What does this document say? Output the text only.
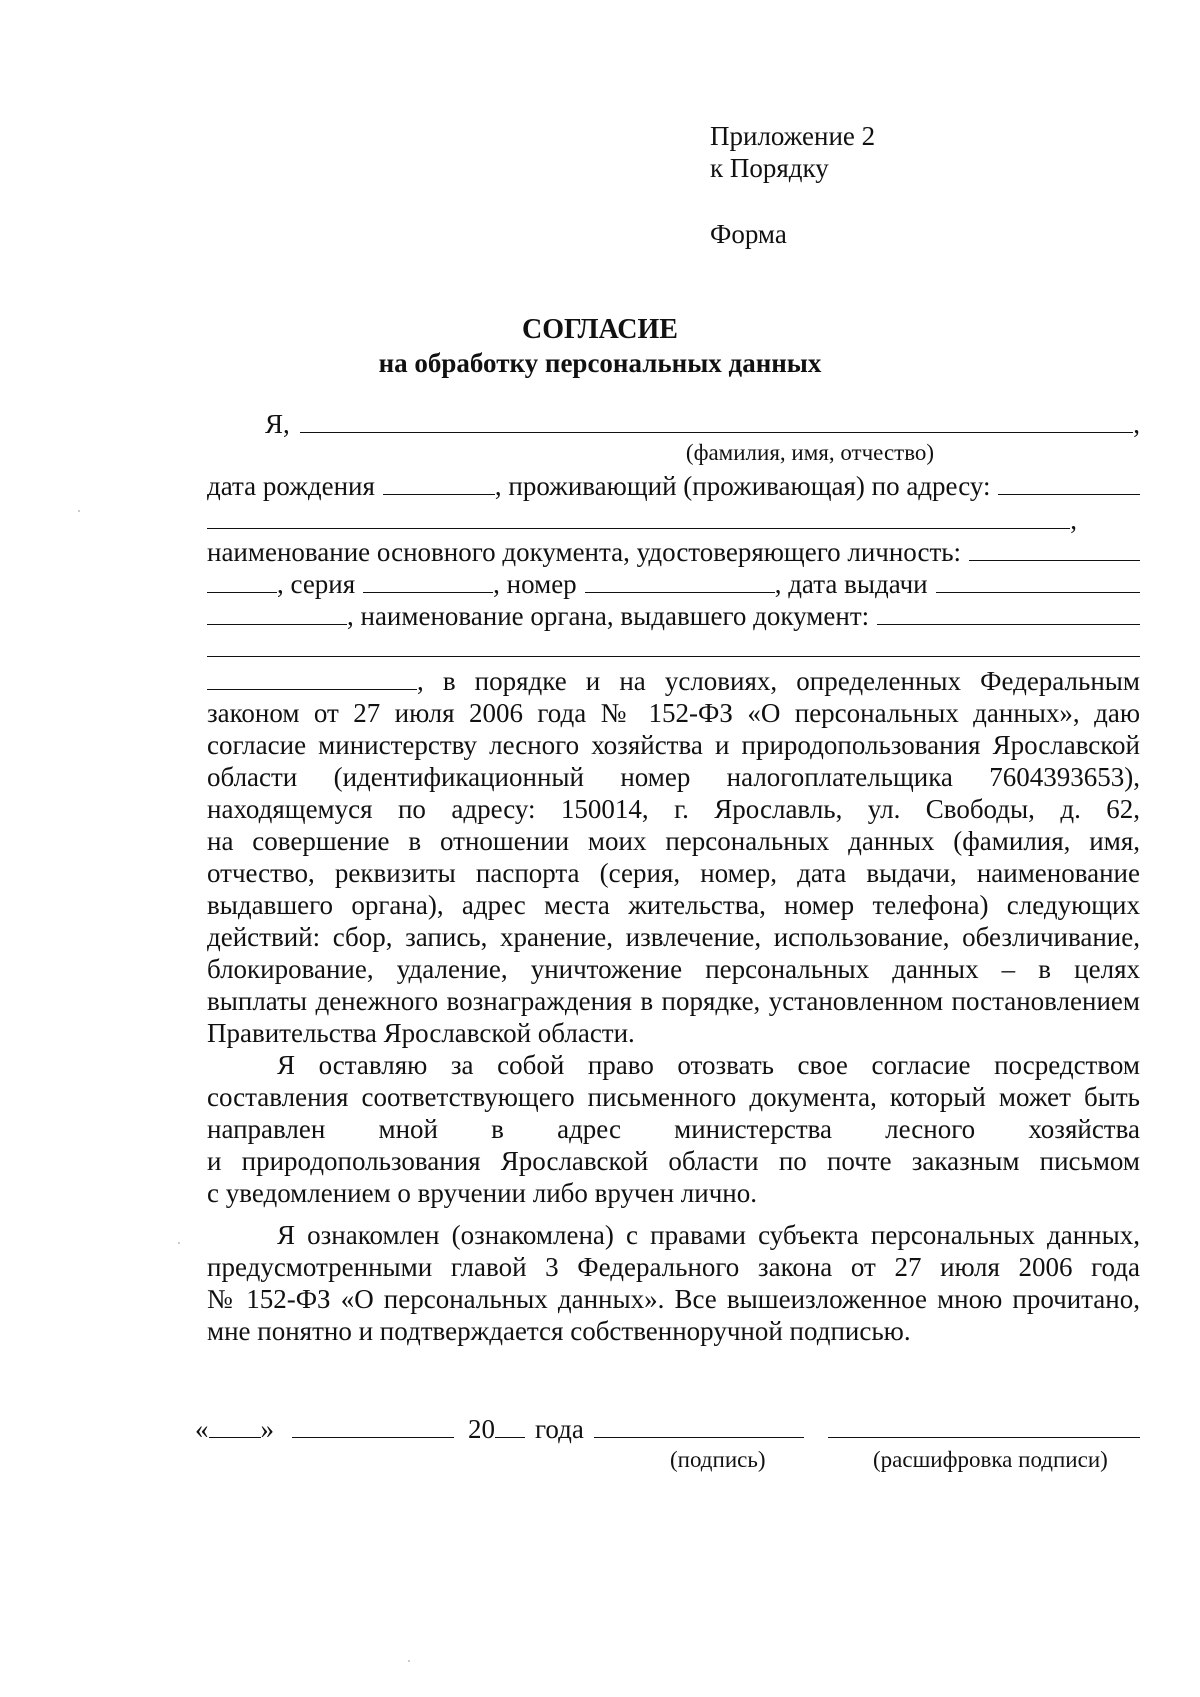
Приложение 2
к Порядку
Форма
СОГЛАСИЕ
на обработку персональных данных
Я,	,
(фамилия, имя, отчество)
дата рождения	, проживающий (проживающая) по адресу:
,
наименование основного документа, удостоверяющего личность:
, серия	, номер	, дата выдачи
, наименование органа, выдавшего документ:
, в порядке и на условиях, определенных Федеральным
законом от 27 июля 2006 года № 152-ФЗ «О персональных данных», даю
согласие министерству лесного хозяйства и природопользования Ярославской
области (идентификационный номер налогоплательщика 7604393653),
находящемуся по адресу: 150014, г. Ярославль, ул. Свободы, д. 62,
на совершение в отношении моих персональных данных (фамилия, имя,
отчество, реквизиты паспорта (серия, номер, дата выдачи, наименование
выдавшего органа), адрес места жительства, номер телефона) следующих
действий: сбор, запись, хранение, извлечение, использование, обезличивание,
блокирование, удаление, уничтожение персональных данных – в целях
выплаты денежного вознаграждения в порядке, установленном постановлением
Правительства Ярославской области.
Я оставляю за собой право отозвать свое согласие посредством
составления соответствующего письменного документа, который может быть
направлен мной в адрес министерства лесного хозяйства
и природопользования Ярославской области по почте заказным письмом
с уведомлением о вручении либо вручен лично.
Я ознакомлен (ознакомлена) с правами субъекта персональных данных,
предусмотренными главой 3 Федерального закона от 27 июля 2006 года
№ 152-ФЗ «О персональных данных». Все вышеизложенное мною прочитано,
мне понятно и подтверждается собственноручной подписью.
« »	20 года
(подпись)	(расшифровка подписи)
